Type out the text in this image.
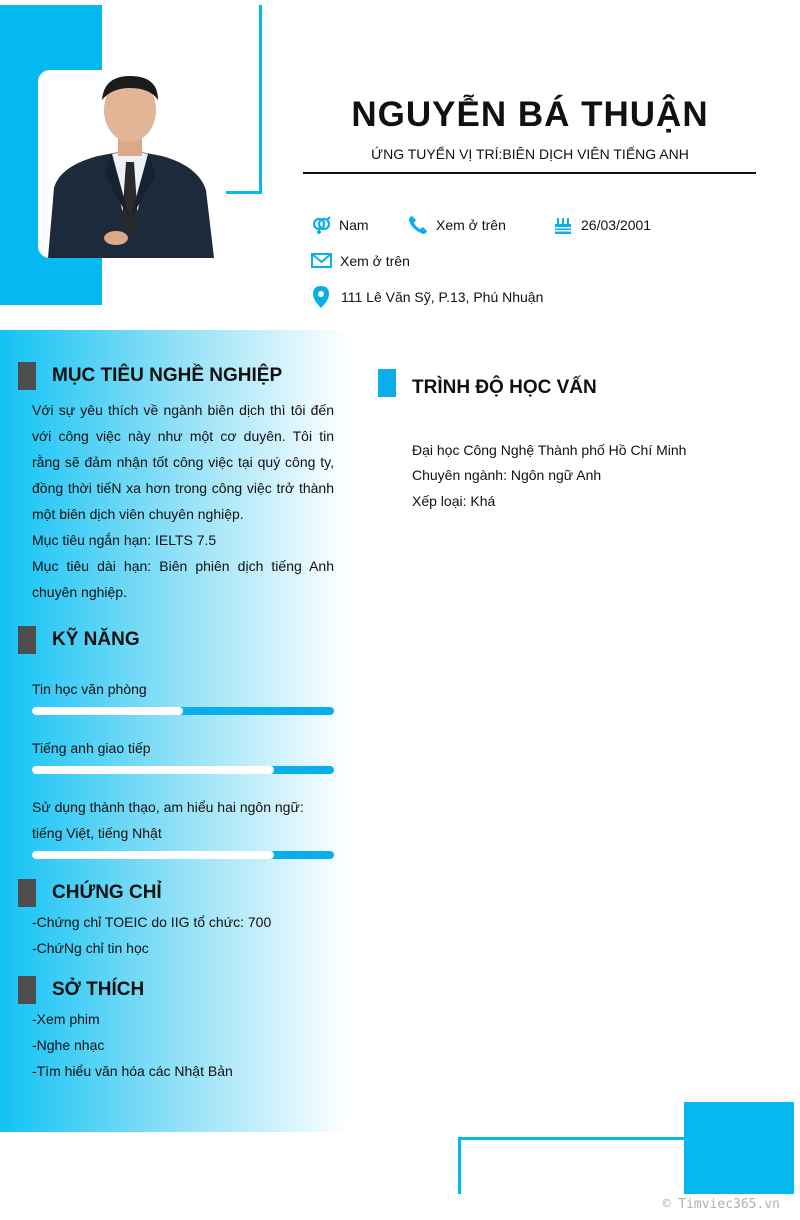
NGUYỄN BÁ THUẬN
ỨNG TUYỂN VỊ TRÍ:BIÊN DỊCH VIÊN TIẾNG ANH
Nam	Xem ở trên	26/03/2001
Xem ở trên
111 Lê Văn Sỹ, P.13, Phú Nhuận
MỤC TIÊU NGHỀ NGHIỆP
Với sự yêu thích về ngành biên dịch thì tôi đến với công việc này như một cơ duyên. Tôi tin rằng sẽ đảm nhận tốt công việc tại quý công ty, đồng thời tiếN xa hơn trong công việc trở thành một biên dịch viên chuyên nghiệp.
Mục tiêu ngắn hạn: IELTS 7.5
Mục tiêu dài hạn: Biên phiên dịch tiếng Anh chuyên nghiệp.
KỸ NĂNG
Tin học văn phòng
Tiếng anh giao tiếp
Sử dụng thành thạo, am hiểu hai ngôn ngữ: tiếng Việt, tiếng Nhật
CHỨNG CHỈ
-Chứng chỉ TOEIC do IIG tổ chức: 700
-ChứNg chỉ tin học
SỞ THÍCH
-Xem phim
-Nghe nhạc
-Tìm hiểu văn hóa các Nhật Bản
TRÌNH ĐỘ HỌC VẤN
Đại học Công Nghệ Thành phố Hồ Chí Minh
Chuyên ngành: Ngôn ngữ Anh
Xếp loại: Khá
© Timviec365.vn
